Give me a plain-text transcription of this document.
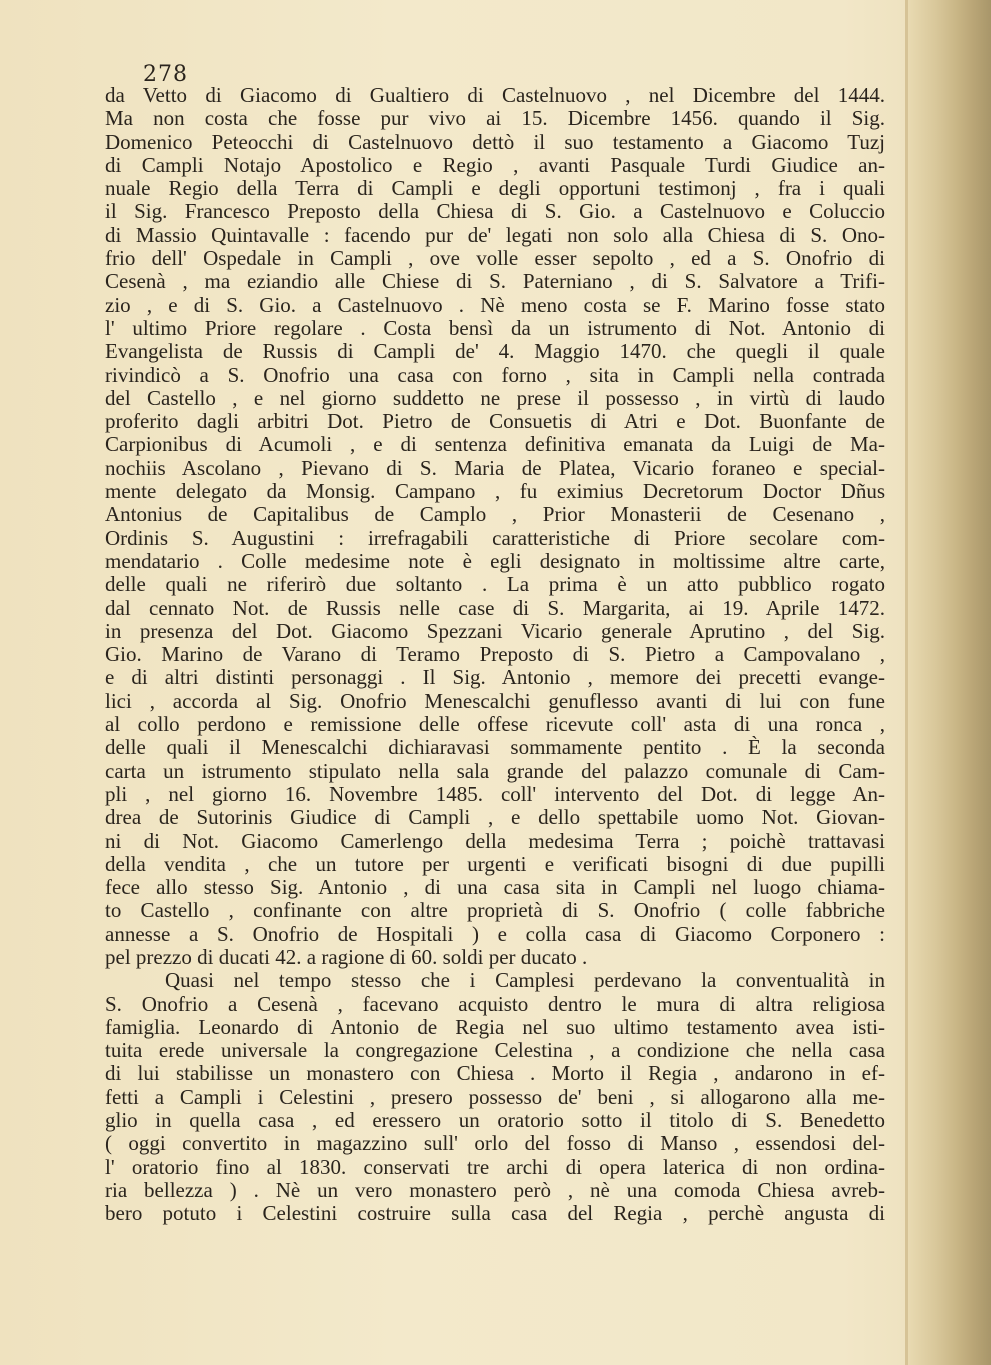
278
da Vetto di Giacomo di Gualtiero di Castelnuovo , nel Dicembre del 1444.
Ma non costa che fosse pur vivo ai 15. Dicembre 1456. quando il Sig.
Domenico Peteocchi di Castelnuovo dettò il suo testamento a Giacomo Tuzj
di Campli Notajo Apostolico e Regio , avanti Pasquale Turdi Giudice an-
nuale Regio della Terra di Campli e degli opportuni testimonj , fra i quali
il Sig. Francesco Preposto della Chiesa di S. Gio. a Castelnuovo e Coluccio
di Massio Quintavalle : facendo pur de' legati non solo alla Chiesa di S. Ono-
frio dell' Ospedale in Campli , ove volle esser sepolto , ed a S. Onofrio di
Cesenà , ma eziandio alle Chiese di S. Paterniano , di S. Salvatore a Trifi-
zio , e di S. Gio. a Castelnuovo . Nè meno costa se F. Marino fosse stato
l' ultimo Priore regolare . Costa bensì da un istrumento di Not. Antonio di
Evangelista de Russis di Campli de' 4. Maggio 1470. che quegli il quale
rivindicò a S. Onofrio una casa con forno , sita in Campli nella contrada
del Castello , e nel giorno suddetto ne prese il possesso , in virtù di laudo
proferito dagli arbitri Dot. Pietro de Consuetis di Atri e Dot. Buonfante de
Carpionibus di Acumoli , e di sentenza definitiva emanata da Luigi de Ma-
nochiis Ascolano , Pievano di S. Maria de Platea, Vicario foraneo e special-
mente delegato da Monsig. Campano , fu eximius Decretorum Doctor Dñus
Antonius de Capitalibus de Camplo , Prior Monasterii de Cesenano ,
Ordinis S. Augustini : irrefragabili caratteristiche di Priore secolare com-
mendatario . Colle medesime note è egli designato in moltissime altre carte,
delle quali ne riferirò due soltanto . La prima è un atto pubblico rogato
dal cennato Not. de Russis nelle case di S. Margarita, ai 19. Aprile 1472.
in presenza del Dot. Giacomo Spezzani Vicario generale Aprutino , del Sig.
Gio. Marino de Varano di Teramo Preposto di S. Pietro a Campovalano ,
e di altri distinti personaggi . Il Sig. Antonio , memore dei precetti evange-
lici , accorda al Sig. Onofrio Menescalchi genuflesso avanti di lui con fune
al collo perdono e remissione delle offese ricevute coll' asta di una ronca ,
delle quali il Menescalchi dichiaravasi sommamente pentito . È la seconda
carta un istrumento stipulato nella sala grande del palazzo comunale di Cam-
pli , nel giorno 16. Novembre 1485. coll' intervento del Dot. di legge An-
drea de Sutorinis Giudice di Campli , e dello spettabile uomo Not. Giovan-
ni di Not. Giacomo Camerlengo della medesima Terra ; poichè trattavasi
della vendita , che un tutore per urgenti e verificati bisogni di due pupilli
fece allo stesso Sig. Antonio , di una casa sita in Campli nel luogo chiama-
to Castello , confinante con altre proprietà di S. Onofrio ( colle fabbriche
annesse a S. Onofrio de Hospitali ) e colla casa di Giacomo Corponero :
pel prezzo di ducati 42. a ragione di 60. soldi per ducato .
Quasi nel tempo stesso che i Camplesi perdevano la conventualità in
S. Onofrio a Cesenà , facevano acquisto dentro le mura di altra religiosa
famiglia. Leonardo di Antonio de Regia nel suo ultimo testamento avea isti-
tuita erede universale la congregazione Celestina , a condizione che nella casa
di lui stabilisse un monastero con Chiesa . Morto il Regia , andarono in ef-
fetti a Campli i Celestini , presero possesso de' beni , si allogarono alla me-
glio in quella casa , ed eressero un oratorio sotto il titolo di S. Benedetto
( oggi convertito in magazzino sull' orlo del fosso di Manso , essendosi del-
l' oratorio fino al 1830. conservati tre archi di opera laterica di non ordina-
ria bellezza ) . Nè un vero monastero però , nè una comoda Chiesa avreb-
bero potuto i Celestini costruire sulla casa del Regia , perchè angusta di
